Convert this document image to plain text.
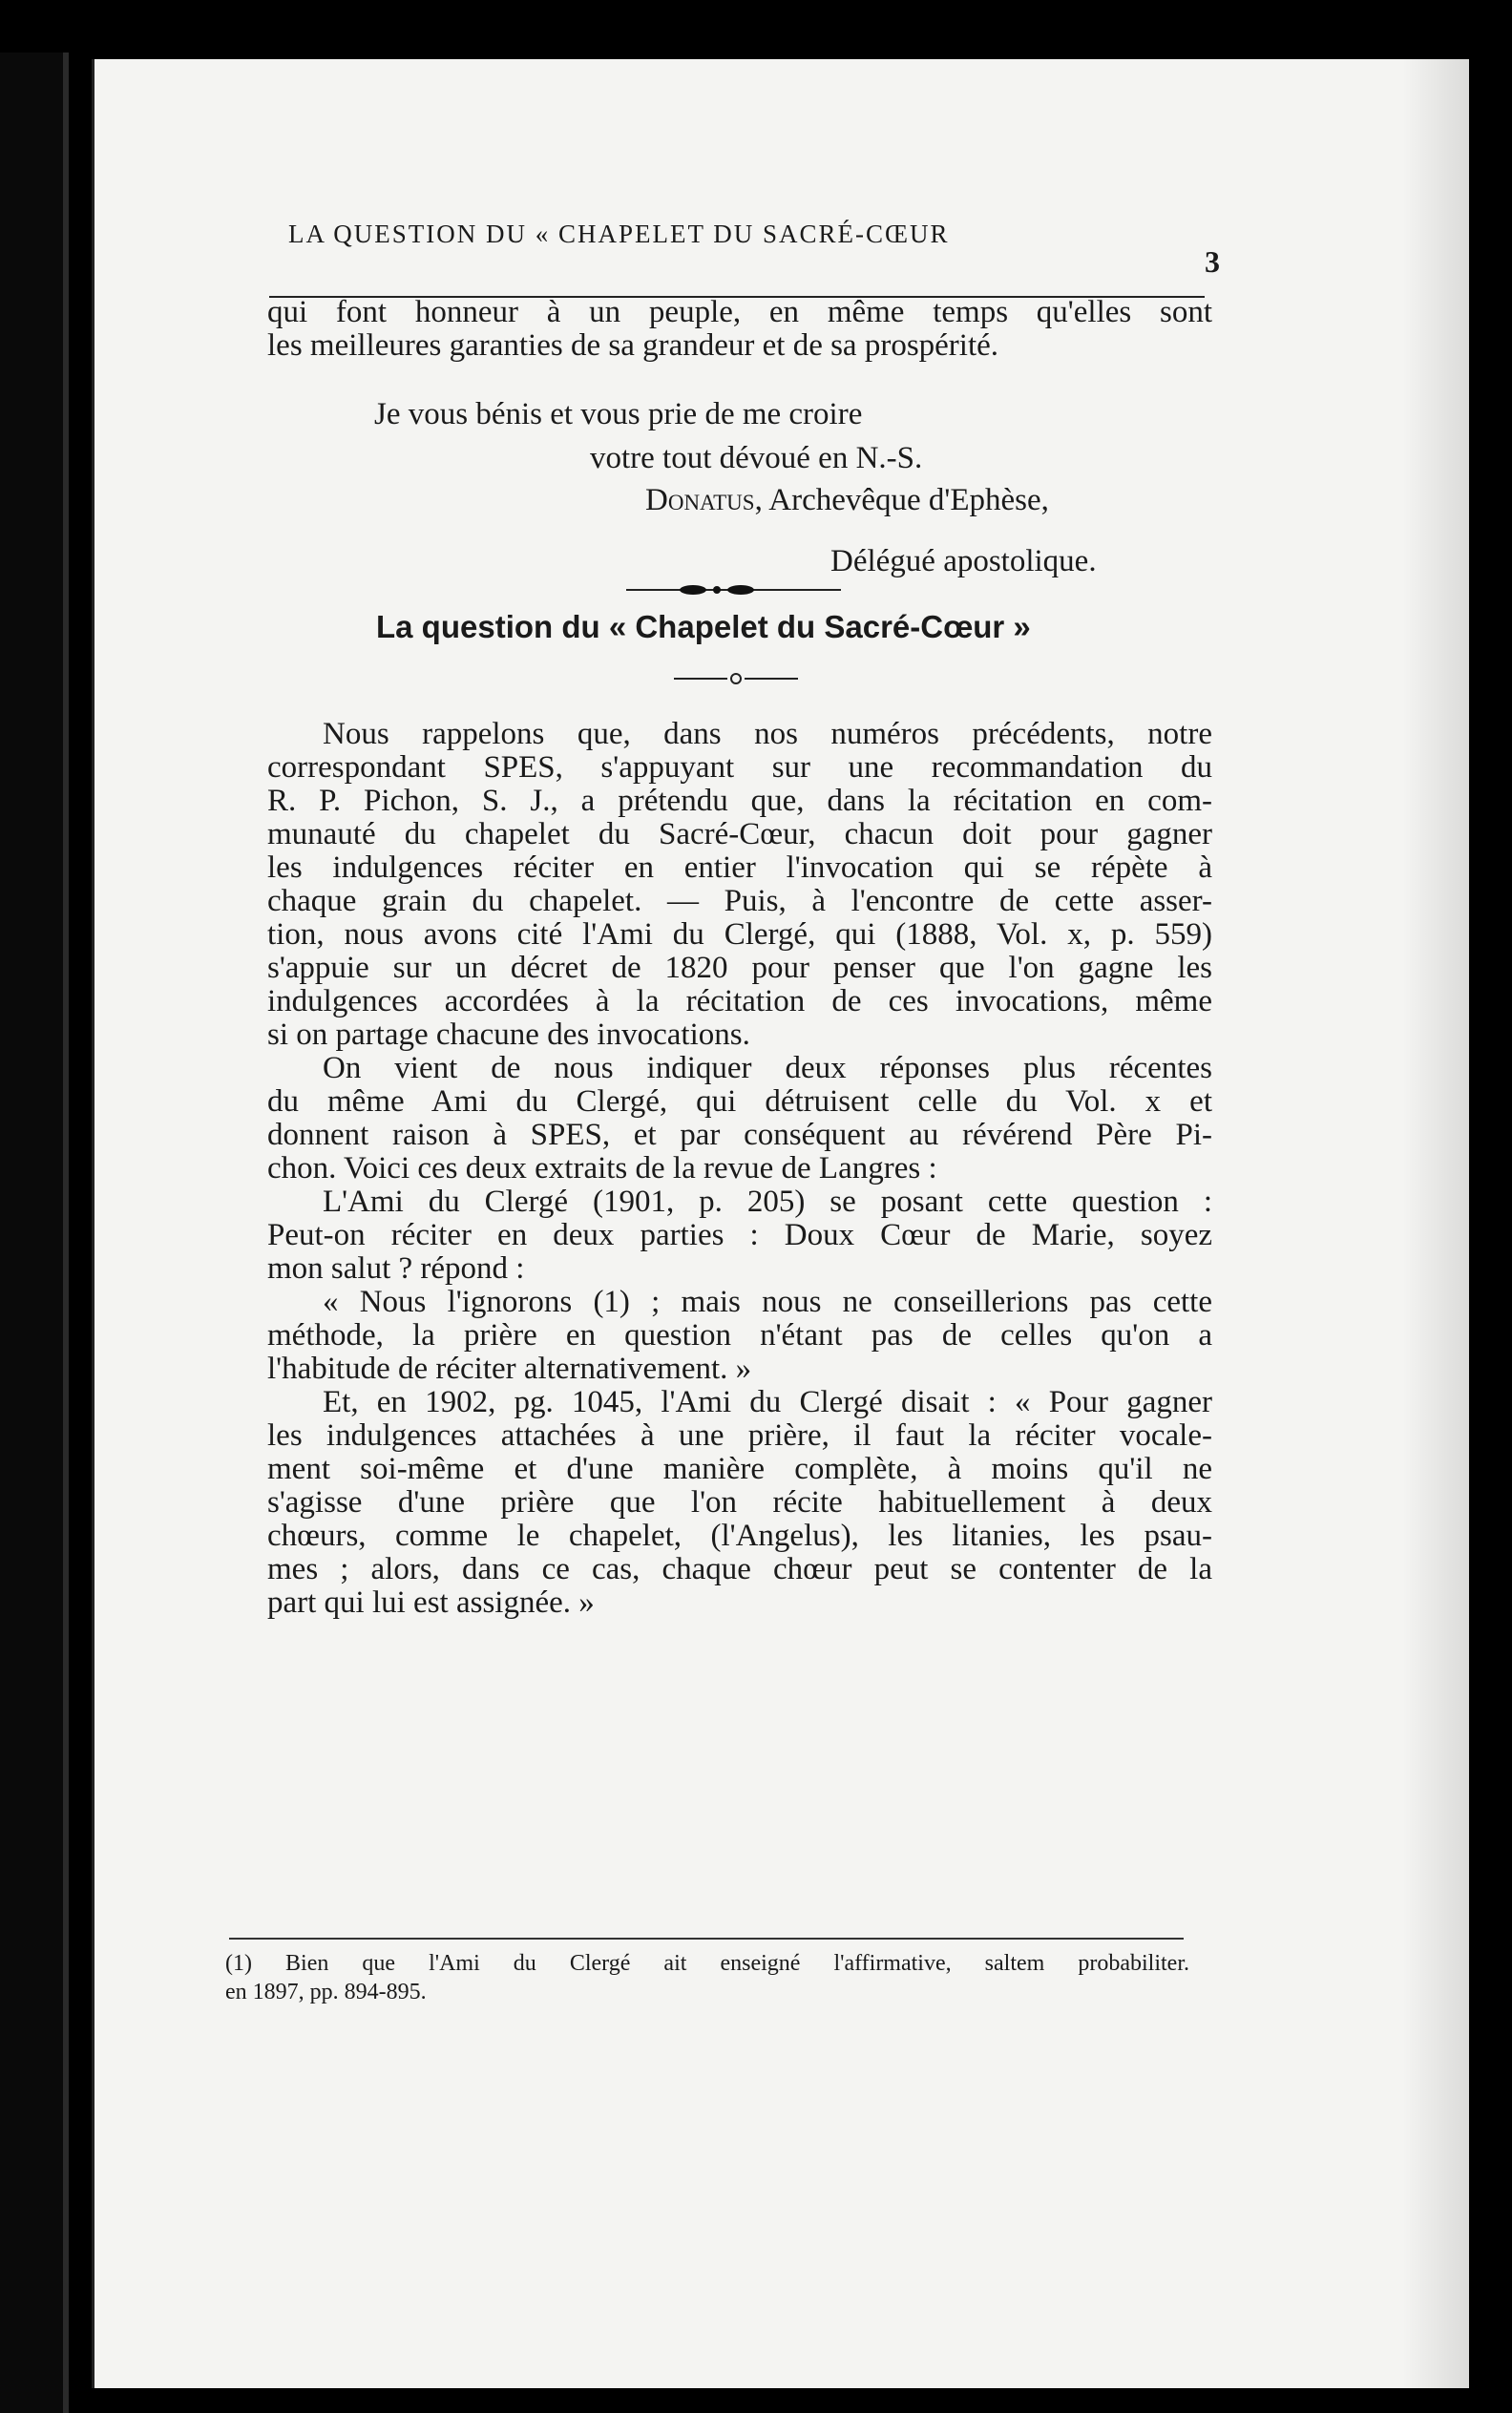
LA QUESTION DU « CHAPELET DU SACRÉ-CŒUR
3
qui font honneur à un peuple, en même temps qu'elles sont
les meilleures garanties de sa grandeur et de sa prospérité.
Je vous bénis et vous prie de me croire
votre tout dévoué en N.-S.
Donatus, Archevêque d'Ephèse,
Délégué apostolique.
La question du « Chapelet du Sacré-Cœur »
Nous rappelons que, dans nos numéros précédents, notre
correspondant SPES, s'appuyant sur une recommandation du
R. P. Pichon, S. J., a prétendu que, dans la récitation en com-
munauté du chapelet du Sacré-Cœur, chacun doit pour gagner
les indulgences réciter en entier l'invocation qui se répète à
chaque grain du chapelet. — Puis, à l'encontre de cette asser-
tion, nous avons cité l'Ami du Clergé, qui (1888, Vol. x, p. 559)
s'appuie sur un décret de 1820 pour penser que l'on gagne les
indulgences accordées à la récitation de ces invocations, même
si on partage chacune des invocations.
On vient de nous indiquer deux réponses plus récentes
du même Ami du Clergé, qui détruisent celle du Vol. x et
donnent raison à SPES, et par conséquent au révérend Père Pi-
chon. Voici ces deux extraits de la revue de Langres :
L'Ami du Clergé (1901, p. 205) se posant cette question :
Peut-on réciter en deux parties : Doux Cœur de Marie, soyez
mon salut ? répond :
« Nous l'ignorons (1) ; mais nous ne conseillerions pas cette
méthode, la prière en question n'étant pas de celles qu'on a
l'habitude de réciter alternativement. »
Et, en 1902, pg. 1045, l'Ami du Clergé disait : « Pour gagner
les indulgences attachées à une prière, il faut la réciter vocale-
ment soi-même et d'une manière complète, à moins qu'il ne
s'agisse d'une prière que l'on récite habituellement à deux
chœurs, comme le chapelet, (l'Angelus), les litanies, les psau-
mes ; alors, dans ce cas, chaque chœur peut se contenter de la
part qui lui est assignée. »
(1) Bien que l'Ami du Clergé ait enseigné l'affirmative, saltem probabiliter.
en 1897, pp. 894-895.
